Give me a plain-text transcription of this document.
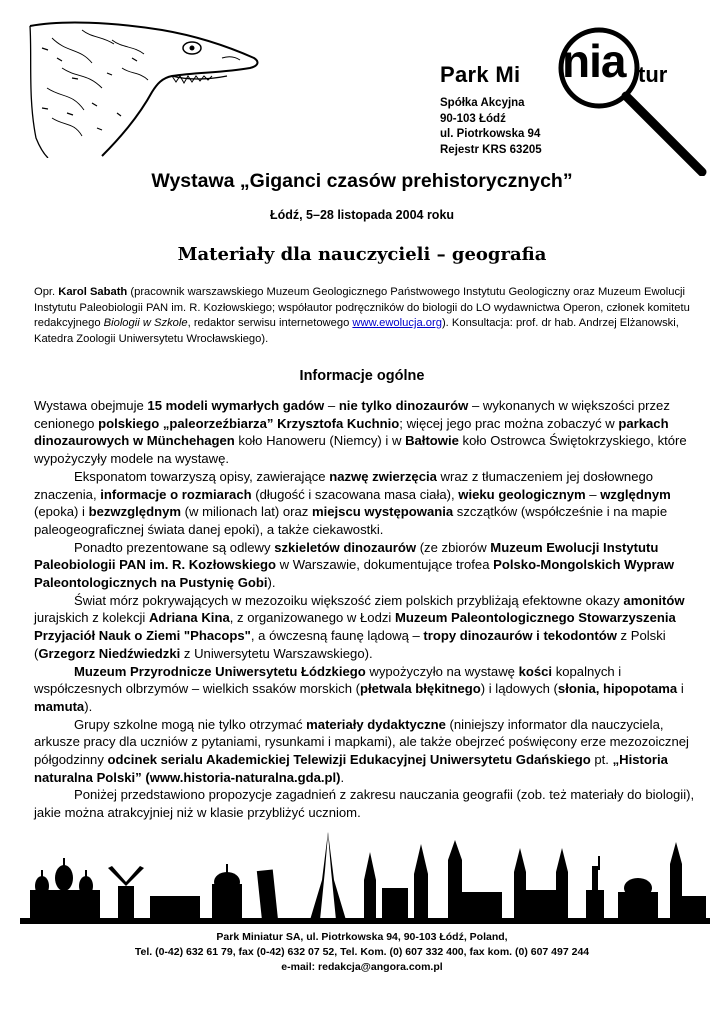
Park Mi nia tur
Spółka Akcyjna
90-103 Łódź
ul. Piotrkowska 94
Rejestr KRS 63205
Wystawa „Giganci czasów prehistorycznych”
Łódź, 5–28 listopada 2004 roku
Materiały dla nauczycieli – geografia
Opr. Karol Sabath (pracownik warszawskiego Muzeum Geologicznego Państwowego Instytutu Geologiczny oraz Muzeum Ewolucji Instytutu Paleobiologii PAN im. R. Kozłowskiego; współautor podręczników do biologii do LO wydawnictwa Operon, członek komitetu redakcyjnego Biologii w Szkole, redaktor serwisu internetowego www.ewolucja.org). Konsultacja: prof. dr hab. Andrzej Elżanowski, Katedra Zoologii Uniwersytetu Wrocławskiego).
Informacje ogólne

Wystawa obejmuje 15 modeli wymarłych gadów – nie tylko dinozaurów – wykonanych w większości przez cenionego polskiego „paleorzeźbiarza” Krzysztofa Kuchnio; więcej jego prac można zobaczyć w parkach dinozaurowych w Münchehagen koło Hanoweru (Niemcy) i w Bałtowie koło Ostrowca Świętokrzyskiego, które wypożyczyły modele na wystawę.

Eksponatom towarzyszą opisy, zawierające nazwę zwierzęcia wraz z tłumaczeniem jej dosłownego znaczenia, informacje o rozmiarach (długość i szacowana masa ciała), wieku geologicznym – względnym (epoka) i bezwzględnym (w milionach lat) oraz miejscu występowania szczątków (współcześnie i na mapie paleogeograficznej świata danej epoki), a także ciekawostki.

Ponadto prezentowane są odlewy szkieletów dinozaurów (ze zbiorów Muzeum Ewolucji Instytutu Paleobiologii PAN im. R. Kozłowskiego w Warszawie, dokumentujące trofea Polsko-Mongolskich Wypraw Paleontologicznych na Pustynię Gobi).

Świat mórz pokrywających w mezozoiku większość ziem polskich przybliżają efektowne okazy amonitów jurajskich z kolekcji Adriana Kina, z organizowanego w Łodzi Muzeum Paleontologicznego Stowarzyszenia Przyjaciół Nauk o Ziemi "Phacops", a ówczesną faunę lądową – tropy dinozaurów i tekodontów z Polski (Grzegorz Niedźwiedzki z Uniwersytetu Warszawskiego).

Muzeum Przyrodnicze Uniwersytetu Łódzkiego wypożyczyło na wystawę kości kopalnych i współczesnych olbrzymów – wielkich ssaków morskich (płetwala błękitnego) i lądowych (słonia, hipopotama i mamuta).

Grupy szkolne mogą nie tylko otrzymać materiały dydaktyczne (niniejszy informator dla nauczyciela, arkusze pracy dla uczniów z pytaniami, rysunkami i mapkami), ale także obejrzeć poświęcony erze mezozoicznej półgodzinny odcinek serialu Akademickiej Telewizji Edukacyjnej Uniwersytetu Gdańskiego pt. „Historia naturalna Polski” (www.historia-naturalna.gda.pl).

Poniżej przedstawiono propozycje zagadnień z zakresu nauczania geografii (zob. też materiały do biologii), jakie można atrakcyjniej niż w klasie przybliżyć uczniom.

Park Miniatur SA, ul. Piotrkowska 94, 90-103 Łódź, Poland,
Tel. (0-42) 632 61 79, fax (0-42) 632 07 52, Tel. Kom. (0) 607 332 400, fax kom. (0) 607 497 244
e-mail: redakcja@angora.com.pl
